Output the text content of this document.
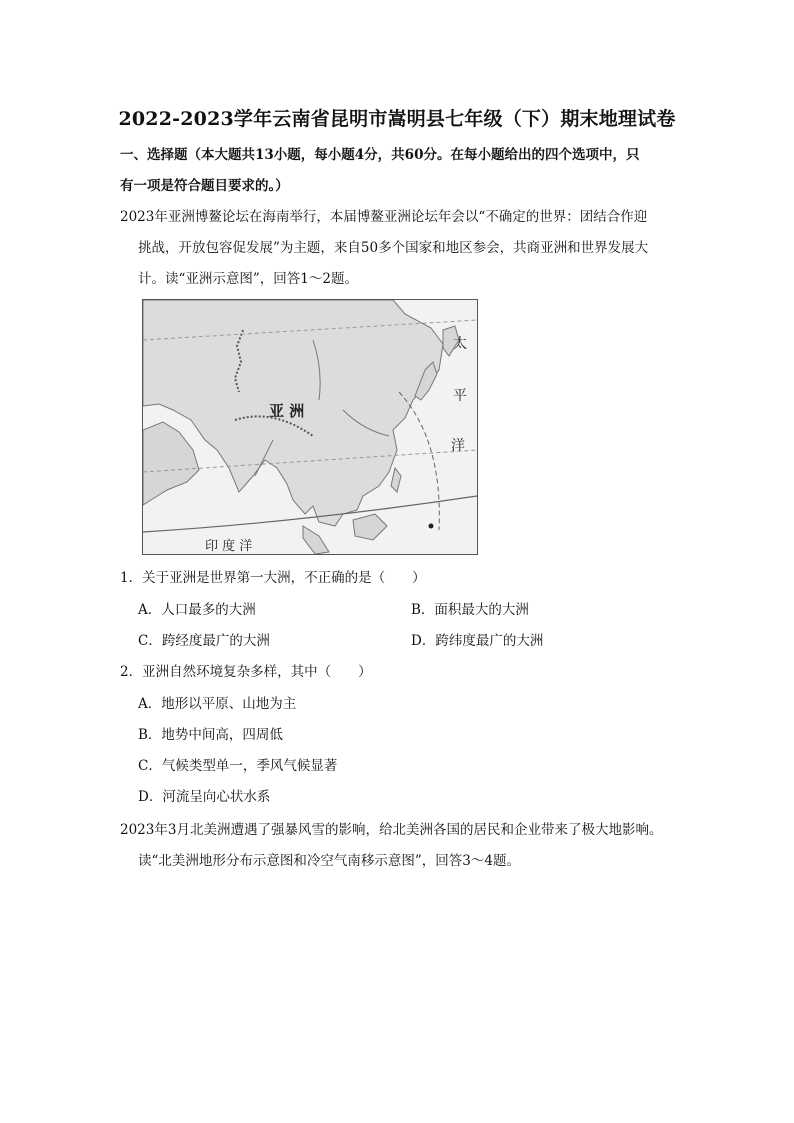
2022-2023学年云南省昆明市嵩明县七年级（下）期末地理试卷
一、选择题（本大题共13小题，每小题4分，共60分。在每小题给出的四个选项中，只
有一项是符合题目要求的。）
2023年亚洲博鳌论坛在海南举行，本届博鳌亚洲论坛年会以“不确定的世界：团结合作迎
挑战，开放包容促发展”为主题，来自50多个国家和地区参会，共商亚洲和世界发展大
计。读“亚洲示意图”，回答1～2题。
亚 洲
太
平
洋
印 度 洋
1．关于亚洲是世界第一大洲，不正确的是（　　）
A．人口最多的大洲	B．面积最大的大洲
C．跨经度最广的大洲	D．跨纬度最广的大洲
2．亚洲自然环境复杂多样，其中（　　）
A．地形以平原、山地为主
B．地势中间高，四周低
C．气候类型单一，季风气候显著
D．河流呈向心状水系
2023年3月北美洲遭遇了强暴风雪的影响，给北美洲各国的居民和企业带来了极大地影响。
读“北美洲地形分布示意图和冷空气南移示意图”，回答3～4题。
